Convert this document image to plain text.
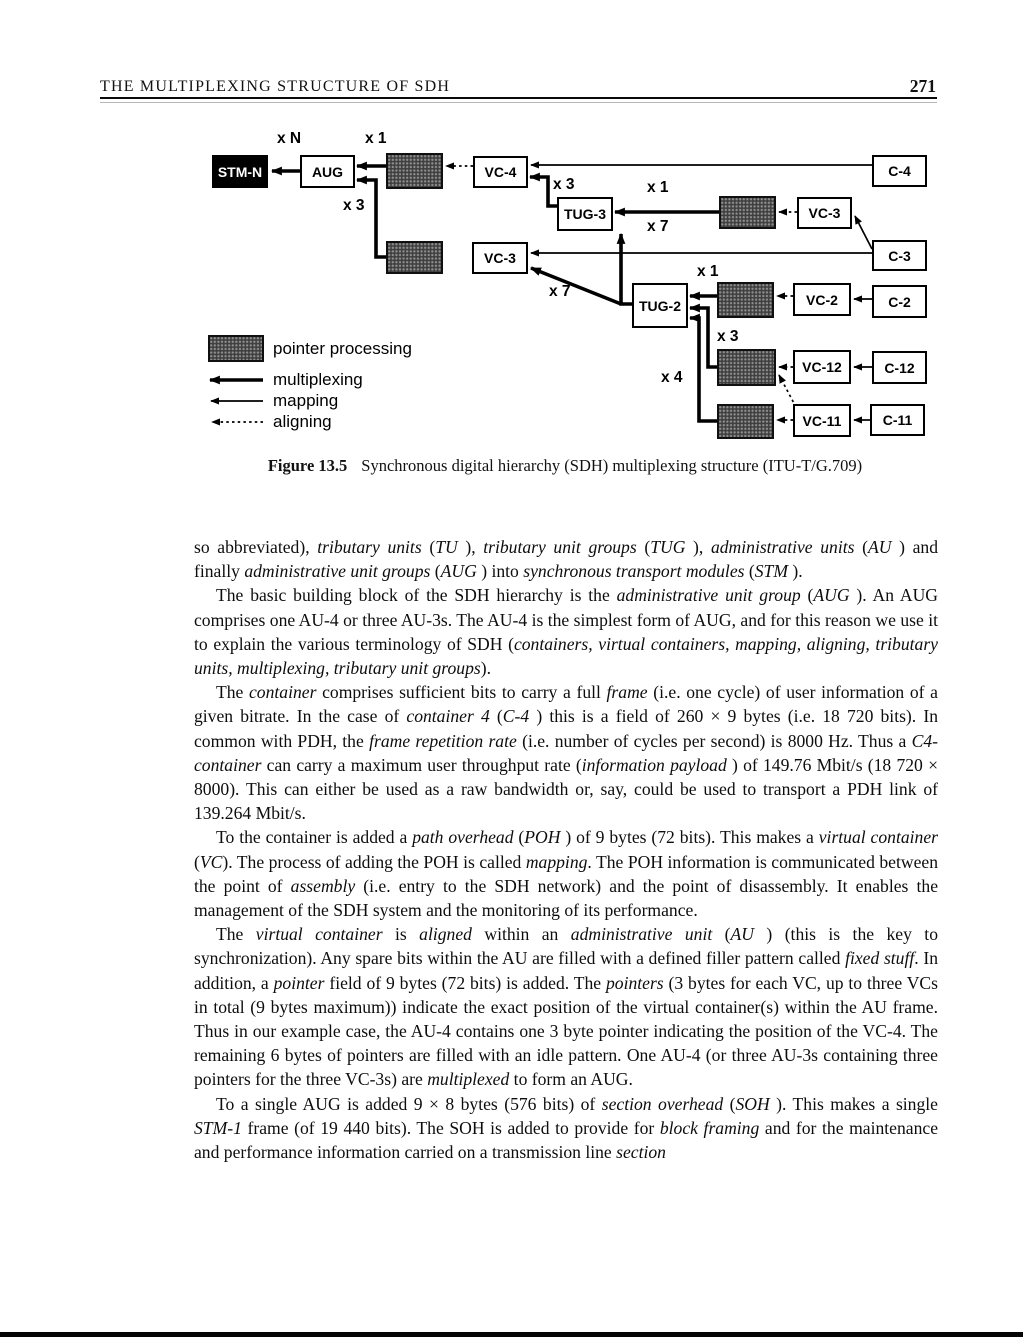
THE MULTIPLEXING STRUCTURE OF SDH	271
STM-N	AUG	VC-4	C-4
TUG-3	VC-3
C-3
VC-3
TUG-2	VC-2	C-2
VC-12	C-12
VC-11	C-11
x N	x 1
x 3
x 3	x 1
x 7
x 1
x 7
x 3
x 4
pointer processing
multiplexing
mapping
aligning
Figure 13.5 Synchronous digital hierarchy (SDH) multiplexing structure (ITU-T/G.709)

so abbreviated), tributary units (TU ), tributary unit groups (TUG ), administrative units (AU ) and finally administrative unit groups (AUG ) into synchronous transport modules (STM ).

The basic building block of the SDH hierarchy is the administrative unit group (AUG ). An AUG comprises one AU-4 or three AU-3s. The AU-4 is the simplest form of AUG, and for this reason we use it to explain the various terminology of SDH (containers, virtual containers, mapping, aligning, tributary units, multiplexing, tributary unit groups).

The container comprises sufficient bits to carry a full frame (i.e. one cycle) of user information of a given bitrate. In the case of container 4 (C-4 ) this is a field of 260 × 9 bytes (i.e. 18 720 bits). In common with PDH, the frame repetition rate (i.e. number of cycles per second) is 8000 Hz. Thus a C4-container can carry a maximum user throughput rate (information payload ) of 149.76 Mbit/s (18 720 × 8000). This can either be used as a raw bandwidth or, say, could be used to transport a PDH link of 139.264 Mbit/s.

To the container is added a path overhead (POH ) of 9 bytes (72 bits). This makes a virtual container (VC). The process of adding the POH is called mapping. The POH information is communicated between the point of assembly (i.e. entry to the SDH network) and the point of disassembly. It enables the management of the SDH system and the monitoring of its performance.

The virtual container is aligned within an administrative unit (AU ) (this is the key to synchronization). Any spare bits within the AU are filled with a defined filler pattern called fixed stuff. In addition, a pointer field of 9 bytes (72 bits) is added. The pointers (3 bytes for each VC, up to three VCs in total (9 bytes maximum)) indicate the exact position of the virtual container(s) within the AU frame. Thus in our example case, the AU-4 contains one 3 byte pointer indicating the position of the VC-4. The remaining 6 bytes of pointers are filled with an idle pattern. One AU-4 (or three AU-3s containing three pointers for the three VC-3s) are multiplexed to form an AUG.

To a single AUG is added 9 × 8 bytes (576 bits) of section overhead (SOH ). This makes a single STM-1 frame (of 19 440 bits). The SOH is added to provide for block framing and for the maintenance and performance information carried on a transmission line section
